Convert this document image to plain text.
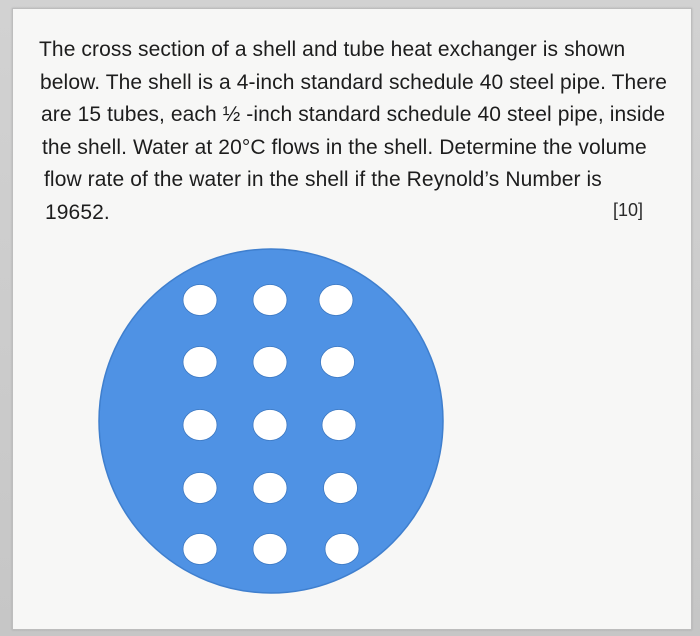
The cross section of a shell and tube heat exchanger is shown
below. The shell is a 4-inch standard schedule 40 steel pipe. There
are 15 tubes, each ½ -inch standard schedule 40 steel pipe, inside
the shell. Water at 20°C flows in the shell. Determine the volume
flow rate of the water in the shell if the Reynold’s Number is
19652.	[10]
